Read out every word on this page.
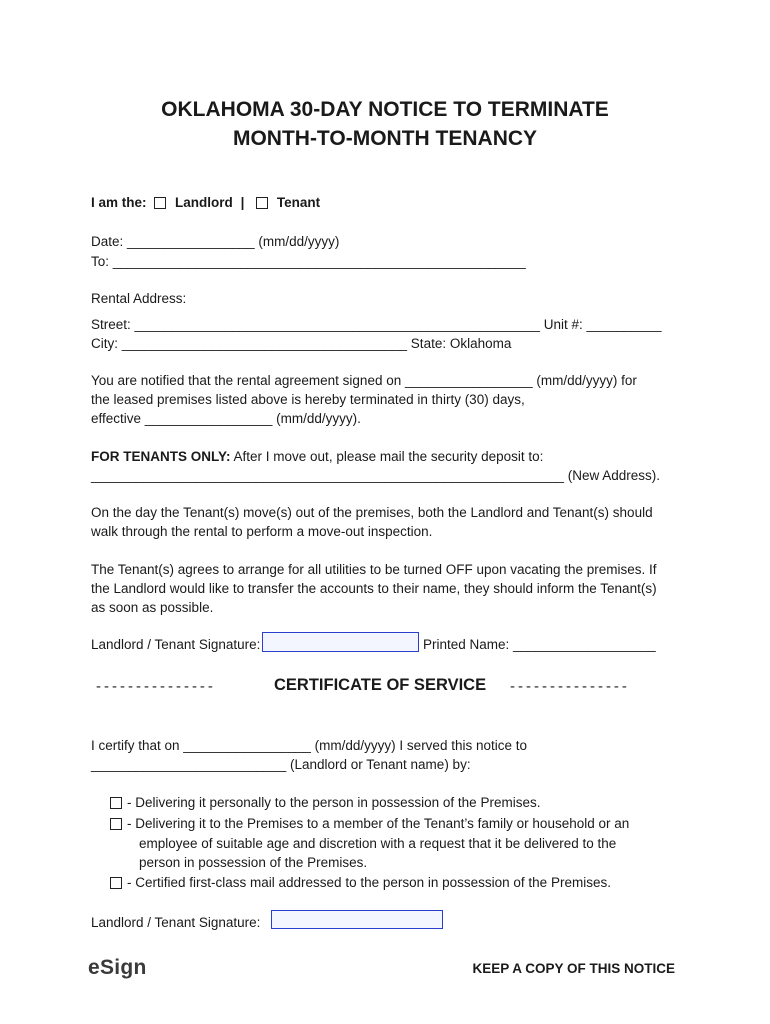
OKLAHOMA 30-DAY NOTICE TO TERMINATE
MONTH-TO-MONTH TENANCY
I am the: Landlord | Tenant
Date: _________________ (mm/dd/yyyy)
To: _______________________________________________________
Rental Address:
Street: ______________________________________________________ Unit #: __________
City: ______________________________________ State: Oklahoma
You are notified that the rental agreement signed on _________________ (mm/dd/yyyy) for
the leased premises listed above is hereby terminated in thirty (30) days,
effective _________________ (mm/dd/yyyy).
FOR TENANTS ONLY: After I move out, please mail the security deposit to:
_______________________________________________________________ (New Address).
On the day the Tenant(s) move(s) out of the premises, both the Landlord and Tenant(s) should
walk through the rental to perform a move-out inspection.
The Tenant(s) agrees to arrange for all utilities to be turned OFF upon vacating the premises. If
the Landlord would like to transfer the accounts to their name, they should inform the Tenant(s)
as soon as possible.
Landlord / Tenant Signature:	Printed Name: ___________________
---------------	CERTIFICATE OF SERVICE ---------------
I certify that on _________________ (mm/dd/yyyy) I served this notice to
__________________________ (Landlord or Tenant name) by:
- Delivering it personally to the person in possession of the Premises.
- Delivering it to the Premises to a member of the Tenant’s family or household or an
employee of suitable age and discretion with a request that it be delivered to the
person in possession of the Premises.
- Certified first-class mail addressed to the person in possession of the Premises.
Landlord / Tenant Signature:
eSign	KEEP A COPY OF THIS NOTICE
